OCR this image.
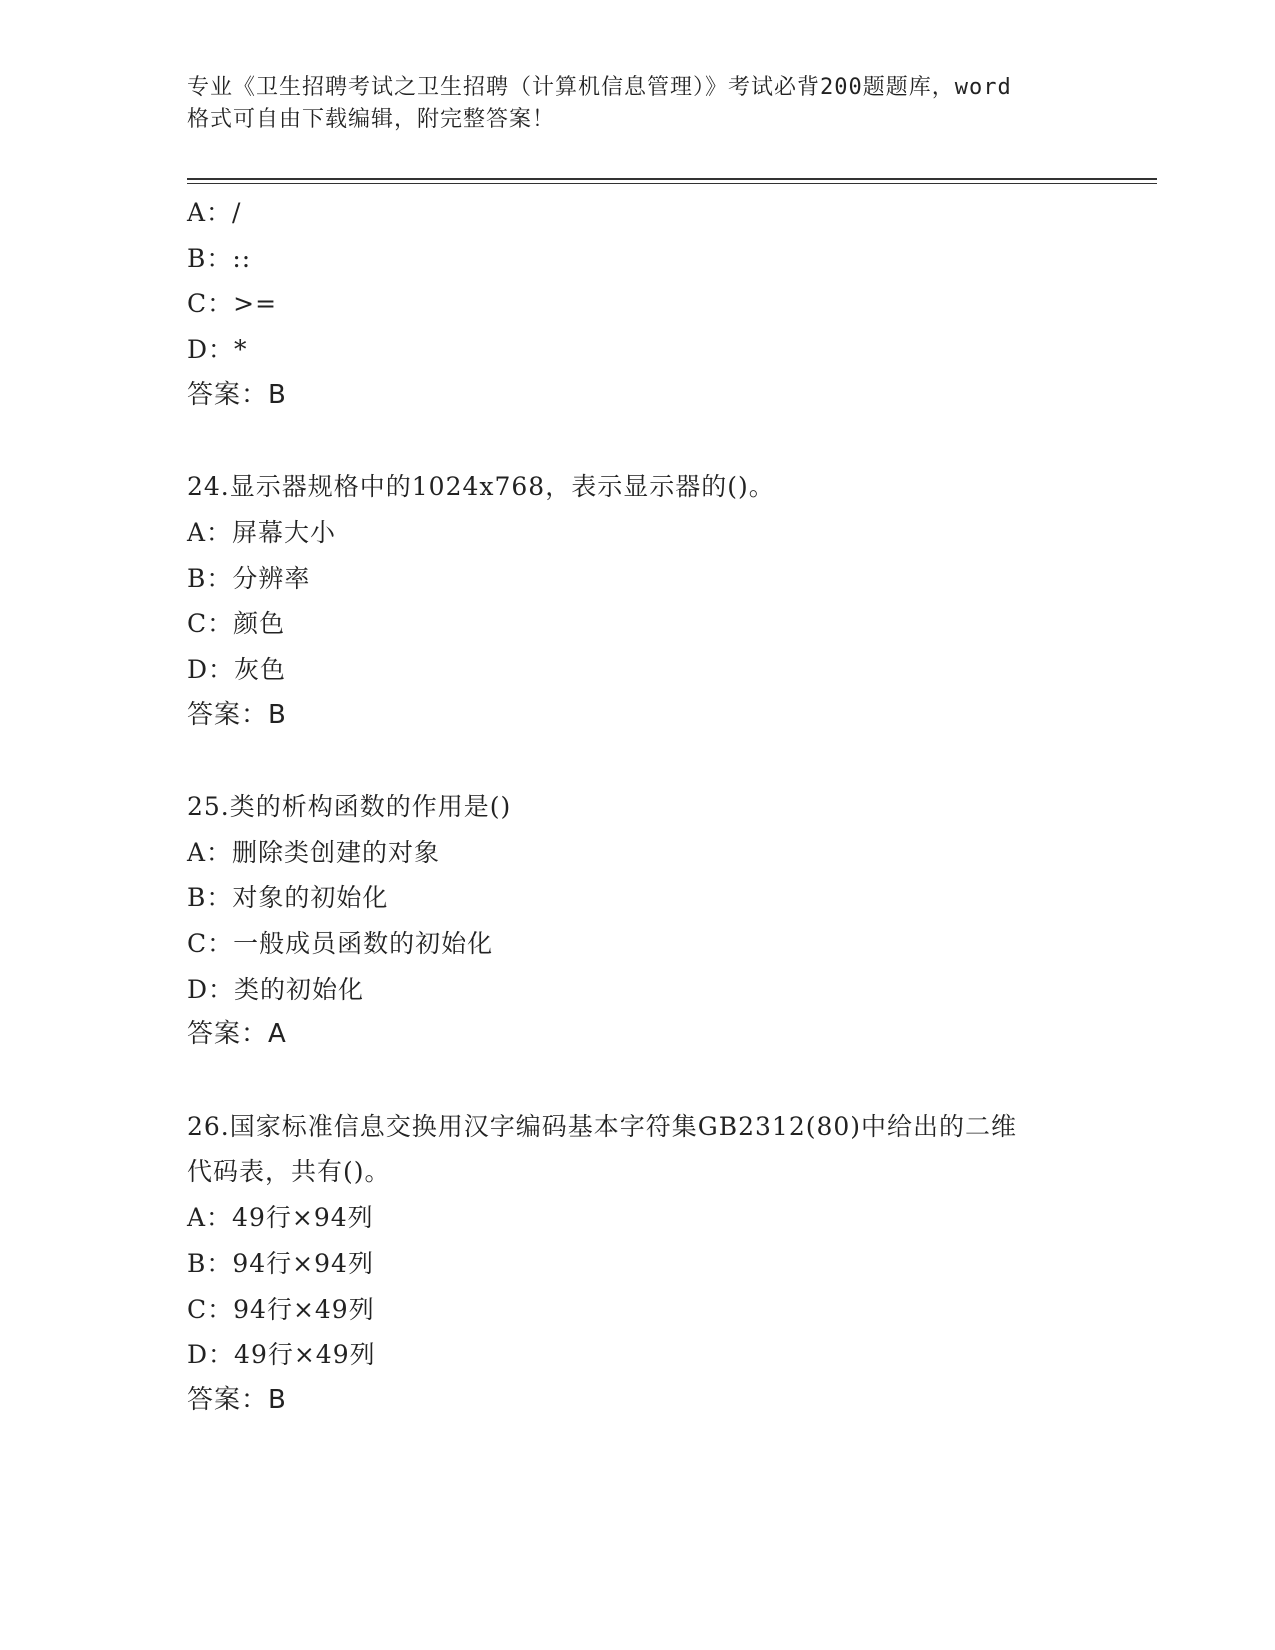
专业《卫生招聘考试之卫生招聘（计算机信息管理）》考试必背200题题库，word
格式可自由下载编辑，附完整答案！
A：/
B：::
C：>=
D：*
答案：B
24.显示器规格中的1024x768，表示显示器的()。
A：屏幕大小
B：分辨率
C：颜色
D：灰色
答案：B
25.类的析构函数的作用是()
A：删除类创建的对象
B：对象的初始化
C：一般成员函数的初始化
D：类的初始化
答案：A
26.国家标准信息交换用汉字编码基本字符集GB2312(80)中给出的二维
代码表，共有()。
A：49行×94列
B：94行×94列
C：94行×49列
D：49行×49列
答案：B
